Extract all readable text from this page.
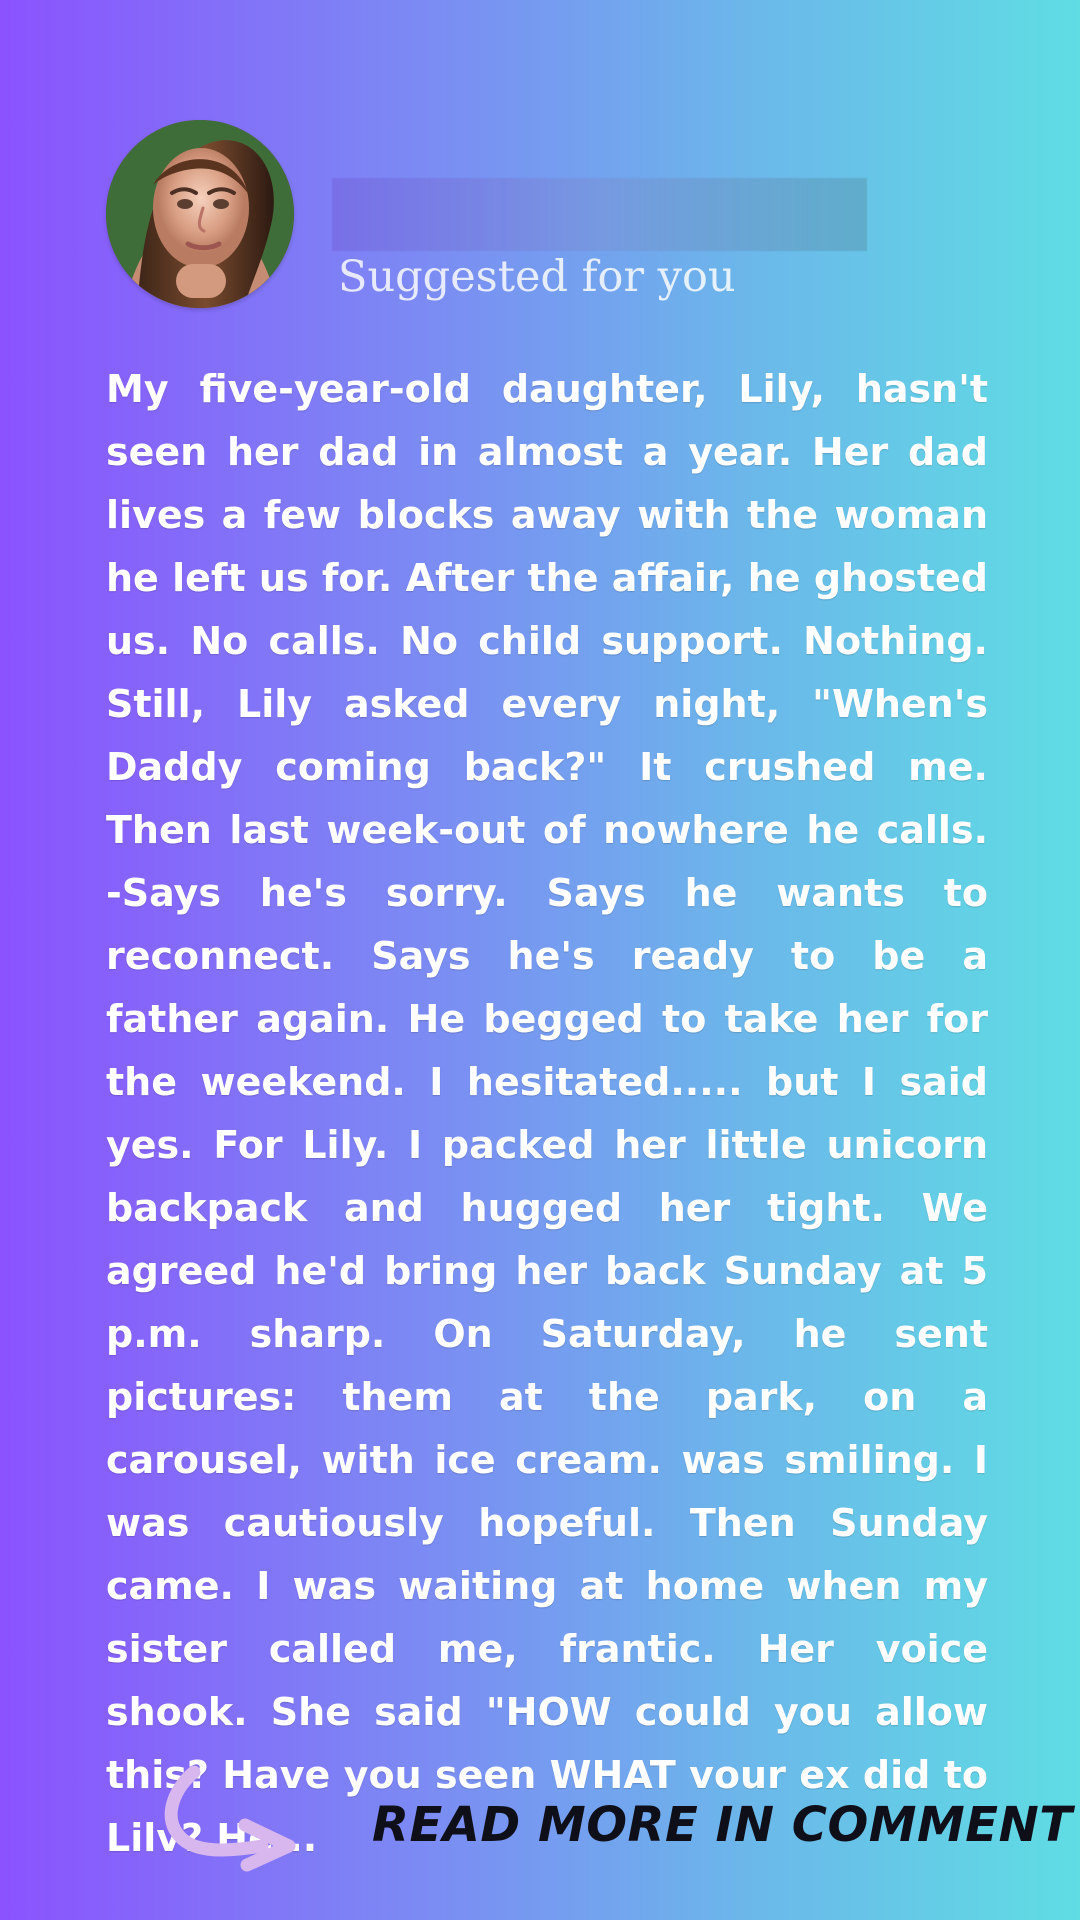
Suggested for you

My five-year-old daughter, Lily, hasn't seen her dad in almost a year. Her dad lives a few blocks away with the woman he left us for. After the affair, he ghosted us. No calls. No child support. Nothing. Still, Lily asked every night, "When's Daddy coming back?" It crushed me. Then last week-out of nowhere he calls. -Says he's sorry. Says he wants to reconnect. Says he's ready to be a father again. He begged to take her for the weekend. I hesitated..... but I said yes. For Lily. I packed her little unicorn backpack and hugged her tight. We agreed he'd bring her back Sunday at 5 p.m. sharp. On Saturday, he sent pictures: them at the park, on a carousel, with ice cream. was smiling. I was cautiously hopeful. Then Sunday came. I was waiting at home when my sister called me, frantic. Her voice shook. She said "HOW could you allow this? Have you seen WHAT vour ex did to Lilv? He...	READ MORE IN COMMENT
